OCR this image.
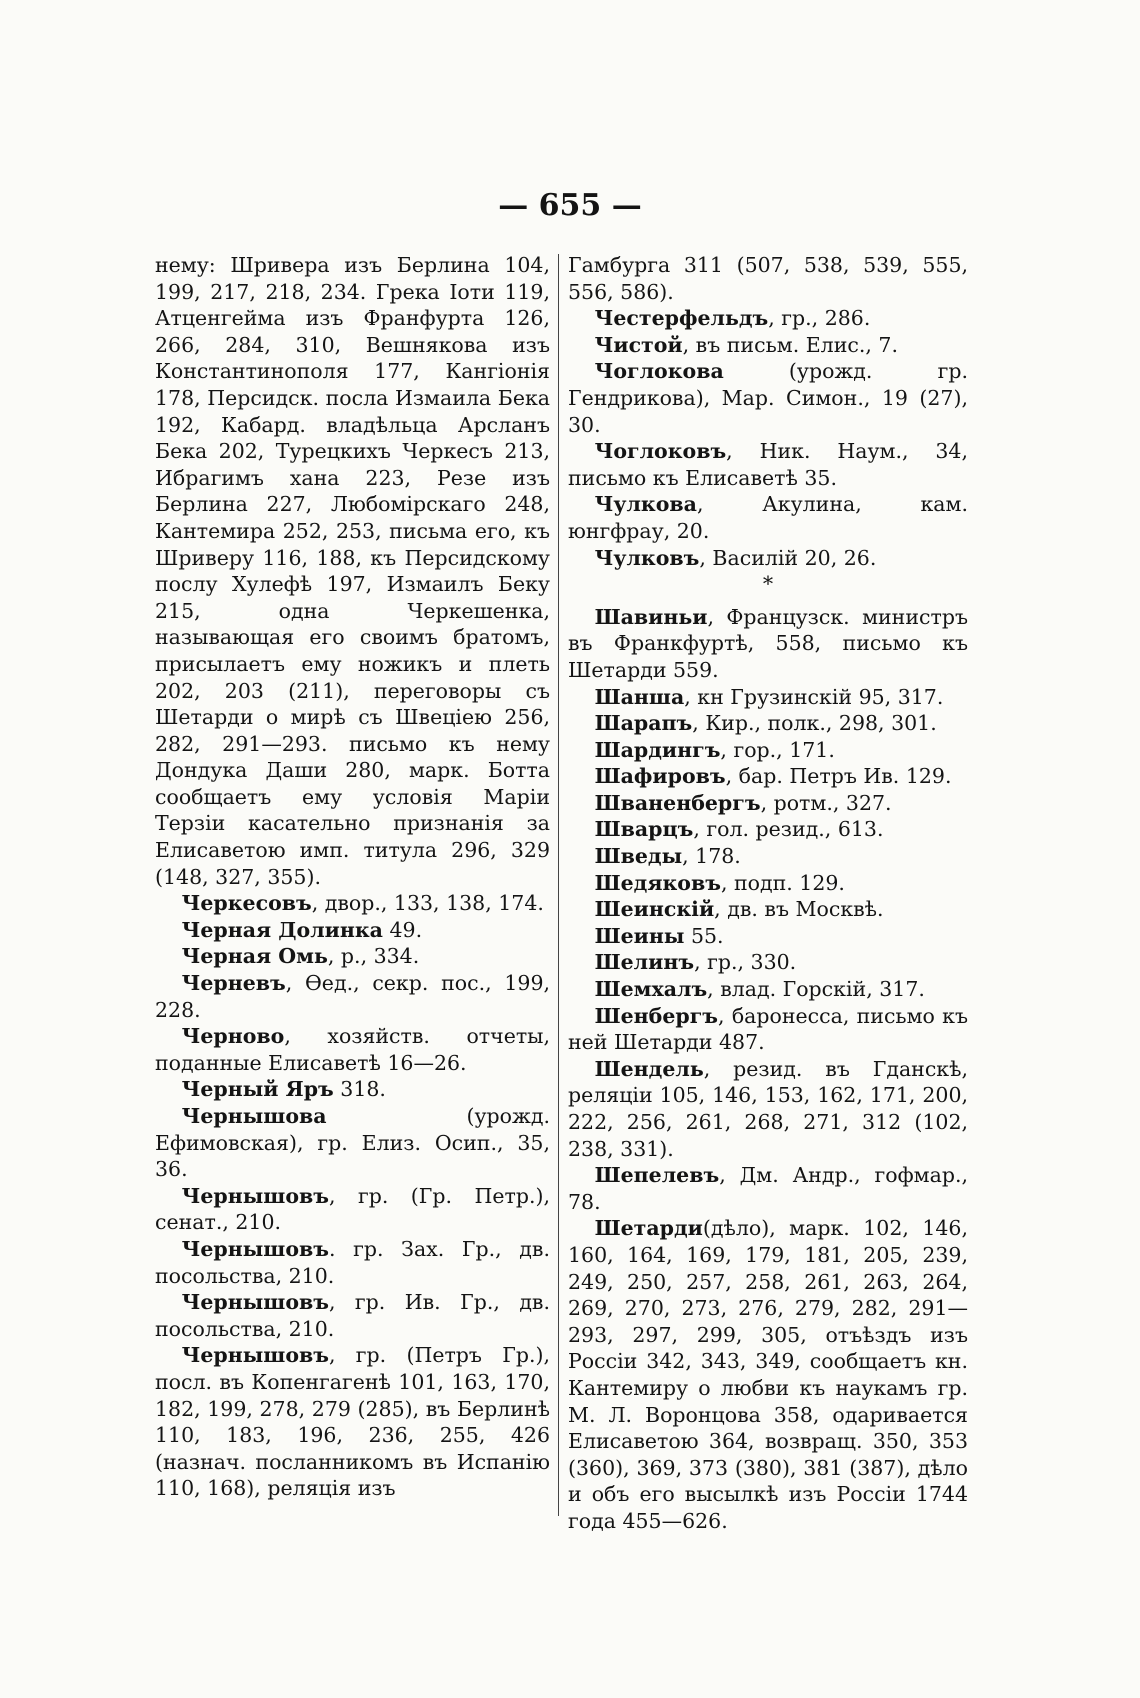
— 655 —

нему: Шривера изъ Берлина 104, 199, 217, 218, 234. Грека Іоти 119, Атценгейма изъ Франфурта 126, 266, 284, 310, Вешнякова изъ Константинополя 177, Кангіонія 178, Персидск. посла Измаила Бека 192, Кабард. владѣльца Арсланъ Бека 202, Турецкихъ Черкесъ 213, Ибрагимъ хана 223, Резе изъ Берлина 227, Любомірскаго 248, Кантемира 252, 253, письма его, къ Шриверу 116, 188, къ Персидскому послу Хулефѣ 197, Измаилъ Беку 215, одна Черкешенка, называющая его своимъ братомъ, присылаетъ ему ножикъ и плеть 202, 203 (211), переговоры съ Шетарди о мирѣ съ Швеціею 256, 282, 291—293. письмо къ нему Дондука Даши 280, марк. Ботта сообщаетъ ему условія Маріи Терзіи касательно признанія за Елисаветою имп. титула 296, 329 (148, 327, 355).

Черкесовъ, двор., 133, 138, 174.

Черная Долинка 49.

Черная Омь, р., 334.

Черневъ, Ѳед., секр. пос., 199, 228.

Черново, хозяйств. отчеты, поданные Елисаветѣ 16—26.

Черный Яръ 318.

Чернышова (урожд. Ефимовская), гр. Елиз. Осип., 35, 36.

Чернышовъ, гр. (Гр. Петр.), сенат., 210.

Чернышовъ. гр. Зах. Гр., дв. посольства, 210.

Чернышовъ, гр. Ив. Гр., дв. посольства, 210.

Чернышовъ, гр. (Петръ Гр.), посл. въ Копенгагенѣ 101, 163, 170, 182, 199, 278, 279 (285), въ Берлинѣ 110, 183, 196, 236, 255, 426 (назнач. посланникомъ въ Испанію 110, 168), реляція изъ

Гамбурга 311 (507, 538, 539, 555, 556, 586).

Честерфельдъ, гр., 286.

Чистой, въ письм. Елис., 7.

Чоглокова (урожд. гр. Гендрикова), Мар. Симон., 19 (27), 30.

Чоглоковъ, Ник. Наум., 34, письмо къ Елисаветѣ 35.

Чулкова, Акулина, кам. юнгфрау, 20.

Чулковъ, Василій 20, 26.

*

Шавиньи, Французск. министръ въ Франкфуртѣ, 558, письмо къ Шетарди 559.

Шанша, кн Грузинскій 95, 317.

Шарапъ, Кир., полк., 298, 301.

Шардингъ, гор., 171.

Шафировъ, бар. Петръ Ив. 129.

Шваненбергъ, ротм., 327.

Шварцъ, гол. резид., 613.

Шведы, 178.

Шедяковъ, подп. 129.

Шеинскій, дв. въ Москвѣ.

Шеины 55.

Шелинъ, гр., 330.

Шемхалъ, влад. Горскій, 317.

Шенбергъ, баронесса, письмо къ ней Шетарди 487.

Шендель, резид. въ Гданскѣ, реляціи 105, 146, 153, 162, 171, 200, 222, 256, 261, 268, 271, 312 (102, 238, 331).

Шепелевъ, Дм. Андр., гофмар., 78.

Шетарди(дѣло), марк. 102, 146, 160, 164, 169, 179, 181, 205, 239, 249, 250, 257, 258, 261, 263, 264, 269, 270, 273, 276, 279, 282, 291—293, 297, 299, 305, отъѣздъ изъ Россіи 342, 343, 349, сообщаетъ кн. Кантемиру о любви къ наукамъ гр. М. Л. Воронцова 358, одаривается Елисаветою 364, возвращ. 350, 353 (360), 369, 373 (380), 381 (387), дѣло и объ его высылкѣ изъ Россіи 1744 года 455—626.
